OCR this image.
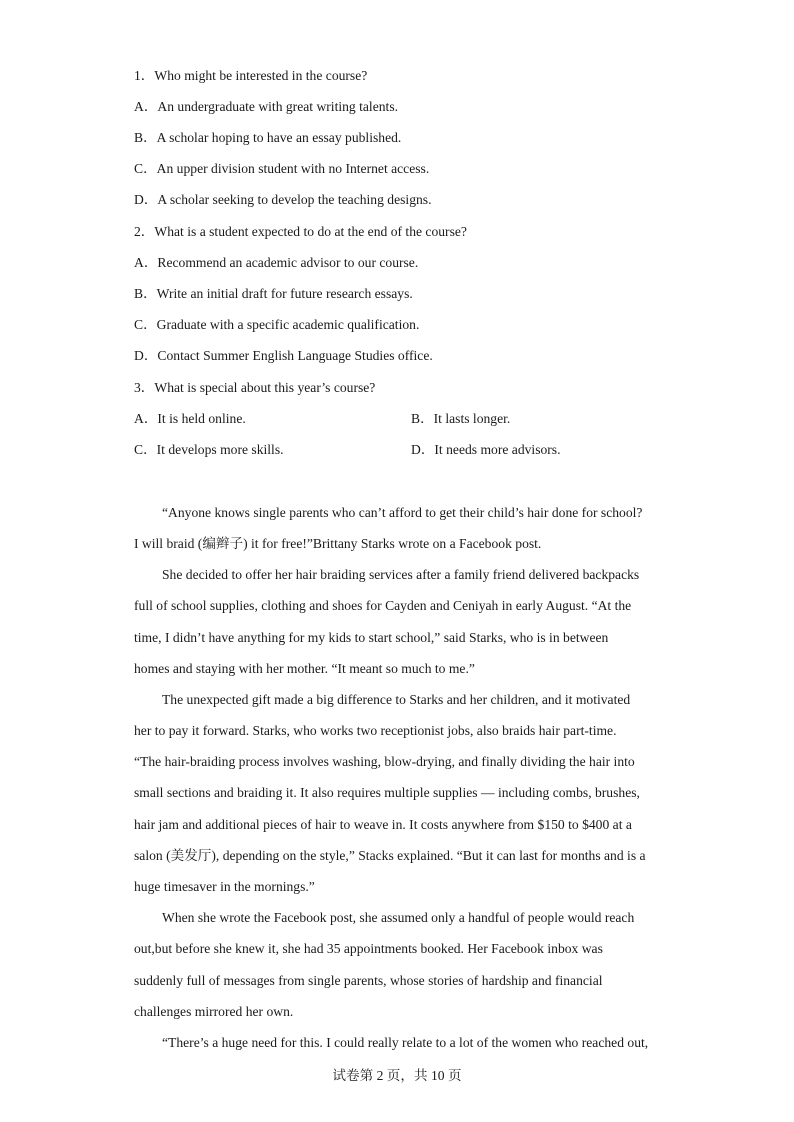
1．Who might be interested in the course?
A．An undergraduate with great writing talents.
B．A scholar hoping to have an essay published.
C．An upper division student with no Internet access.
D．A scholar seeking to develop the teaching designs.
2．What is a student expected to do at the end of the course?
A．Recommend an academic advisor to our course.
B．Write an initial draft for future research essays.
C．Graduate with a specific academic qualification.
D．Contact Summer English Language Studies office.
3．What is special about this year’s course?
A．It is held online.	B．It lasts longer.
C．It develops more skills.	D．It needs more advisors.
“Anyone knows single parents who can’t afford to get their child’s hair done for school?
I will braid (编辫子) it for free!”Brittany Starks wrote on a Facebook post.
She decided to offer her hair braiding services after a family friend delivered backpacks
full of school supplies, clothing and shoes for Cayden and Ceniyah in early August. “At the
time, I didn’t have anything for my kids to start school,” said Starks, who is in between
homes and staying with her mother. “It meant so much to me.”
The unexpected gift made a big difference to Starks and her children, and it motivated
her to pay it forward. Starks, who works two receptionist jobs, also braids hair part-time.
“The hair-braiding process involves washing, blow-drying, and finally dividing the hair into
small sections and braiding it. It also requires multiple supplies — including combs, brushes,
hair jam and additional pieces of hair to weave in. It costs anywhere from $150 to $400 at a
salon (美发厅), depending on the style,” Stacks explained. “But it can last for months and is a
huge timesaver in the mornings.”
When she wrote the Facebook post, she assumed only a handful of people would reach
out,but before she knew it, she had 35 appointments booked. Her Facebook inbox was
suddenly full of messages from single parents, whose stories of hardship and financial
challenges mirrored her own.
“There’s a huge need for this. I could really relate to a lot of the women who reached out,
试卷第 2 页，共 10 页
